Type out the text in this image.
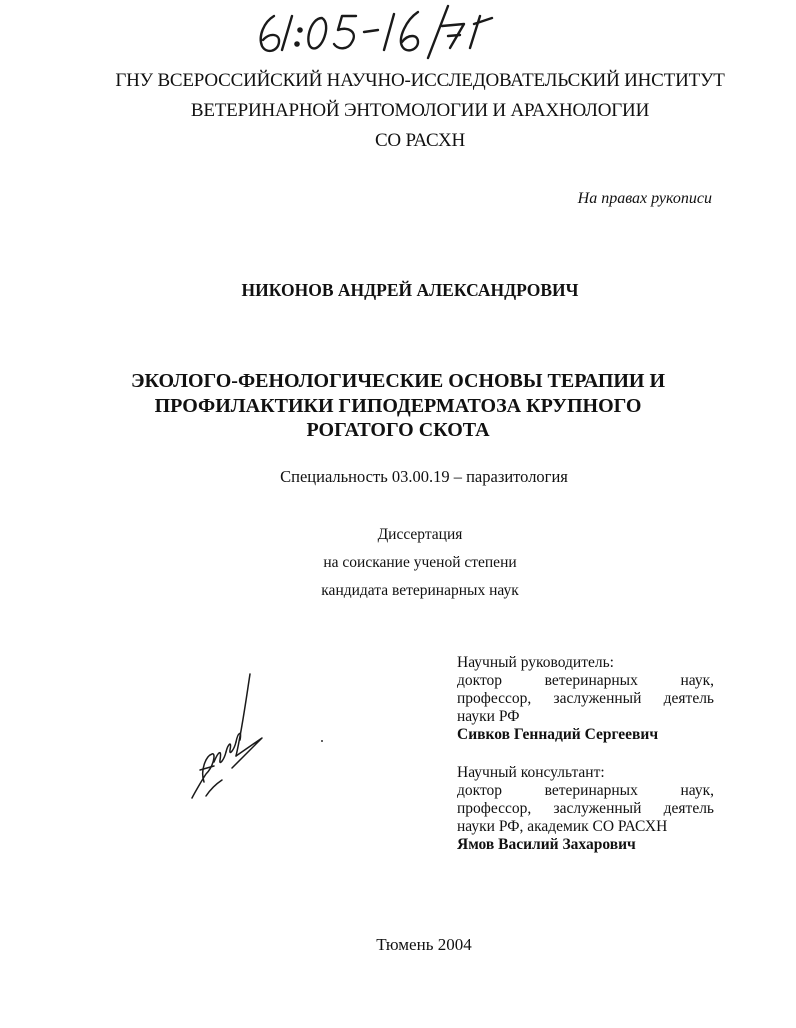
ГНУ ВСЕРОССИЙСКИЙ НАУЧНО-ИССЛЕДОВАТЕЛЬСКИЙ ИНСТИТУТ
ВЕТЕРИНАРНОЙ ЭНТОМОЛОГИИ И АРАХНОЛОГИИ
СО РАСХН
На правах рукописи
НИКОНОВ АНДРЕЙ АЛЕКСАНДРОВИЧ
ЭКОЛОГО-ФЕНОЛОГИЧЕСКИЕ ОСНОВЫ ТЕРАПИИ И
ПРОФИЛАКТИКИ ГИПОДЕРМАТОЗА КРУПНОГО
РОГАТОГО СКОТА
Специальность 03.00.19 – паразитология
Диссертация
на соискание ученой степени
кандидата ветеринарных наук
Научный руководитель:
доктор ветеринарных наук,
профессор, заслуженный деятель
науки РФ
Сивков Геннадий Сергеевич
Научный консультант:
доктор ветеринарных наук,
профессор, заслуженный деятель
науки РФ, академик СО РАСХН
Ямов Василий Захарович
Тюмень 2004
